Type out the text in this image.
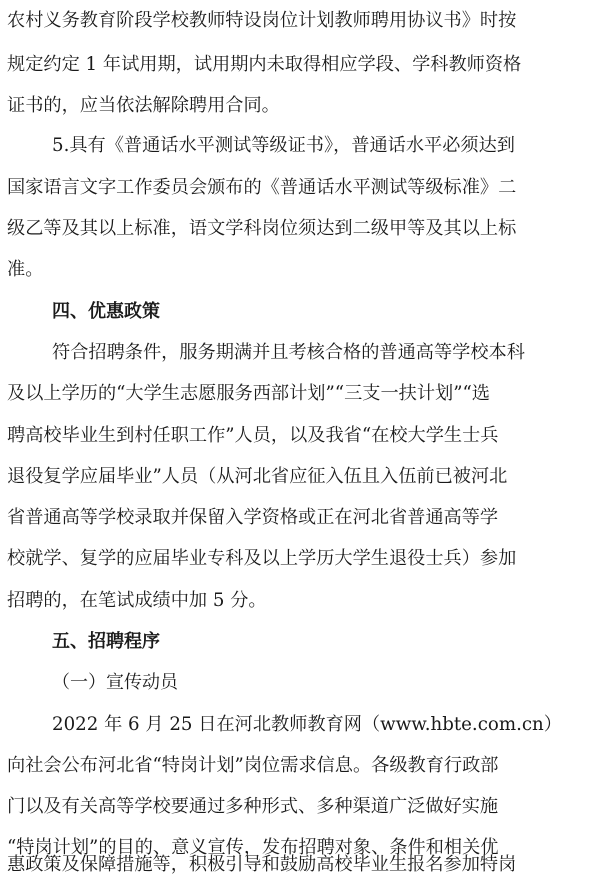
农村义务教育阶段学校教师特设岗位计划教师聘用协议书》时按
规定约定 1 年试用期，试用期内未取得相应学段、学科教师资格
证书的，应当依法解除聘用合同。
5.具有《普通话水平测试等级证书》，普通话水平必须达到
国家语言文字工作委员会颁布的《普通话水平测试等级标准》二
级乙等及其以上标准，语文学科岗位须达到二级甲等及其以上标
准。
四、优惠政策
符合招聘条件，服务期满并且考核合格的普通高等学校本科
及以上学历的“大学生志愿服务西部计划”“三支一扶计划”“选
聘高校毕业生到村任职工作”人员，以及我省“在校大学生士兵
退役复学应届毕业”人员（从河北省应征入伍且入伍前已被河北
省普通高等学校录取并保留入学资格或正在河北省普通高等学
校就学、复学的应届毕业专科及以上学历大学生退役士兵）参加
招聘的，在笔试成绩中加 5 分。
五、招聘程序
（一）宣传动员
2022 年 6 月 25 日在河北教师教育网（www.hbte.com.cn）
向社会公布河北省“特岗计划”岗位需求信息。各级教育行政部
门以及有关高等学校要通过多种形式、多种渠道广泛做好实施
“特岗计划”的目的、意义宣传，发布招聘对象、条件和相关优
惠政策及保障措施等，积极引导和鼓励高校毕业生报名参加特岗
